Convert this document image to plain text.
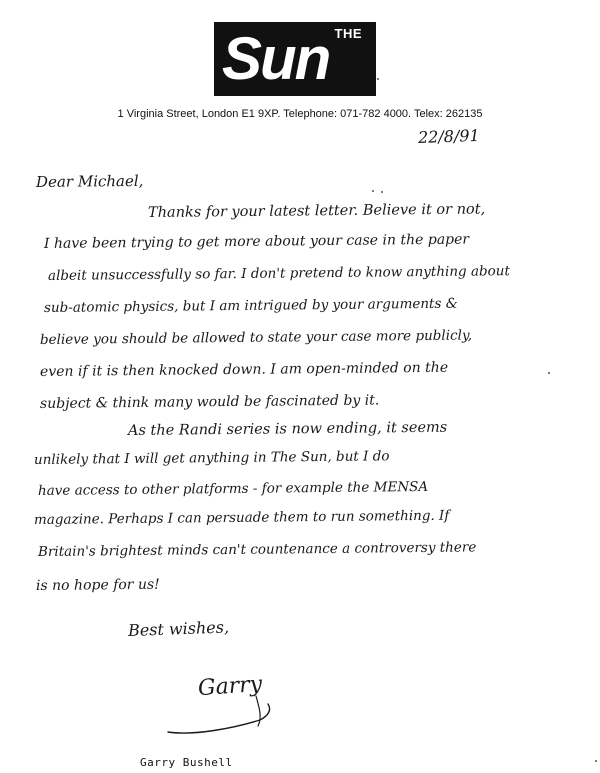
THE
Sun
1 Virginia Street, London E1 9XP. Telephone: 071-782 4000. Telex: 262135
22/8/91
Dear Michael,
Thanks for your latest letter. Believe it or not,
I have been trying to get more about your case in the paper
albeit unsuccessfully so far. I don't pretend to know anything about
sub-atomic physics, but I am intrigued by your arguments &
believe you should be allowed to state your case more publicly,
even if it is then knocked down. I am open-minded on the
subject & think many would be fascinated by it.
As the Randi series is now ending, it seems
unlikely that I will get anything in The Sun, but I do
have access to other platforms - for example the MENSA
magazine. Perhaps I can persuade them to run something. If
Britain's brightest minds can't countenance a controversy there
is no hope for us!
Best wishes,
Garry
Garry Bushell
